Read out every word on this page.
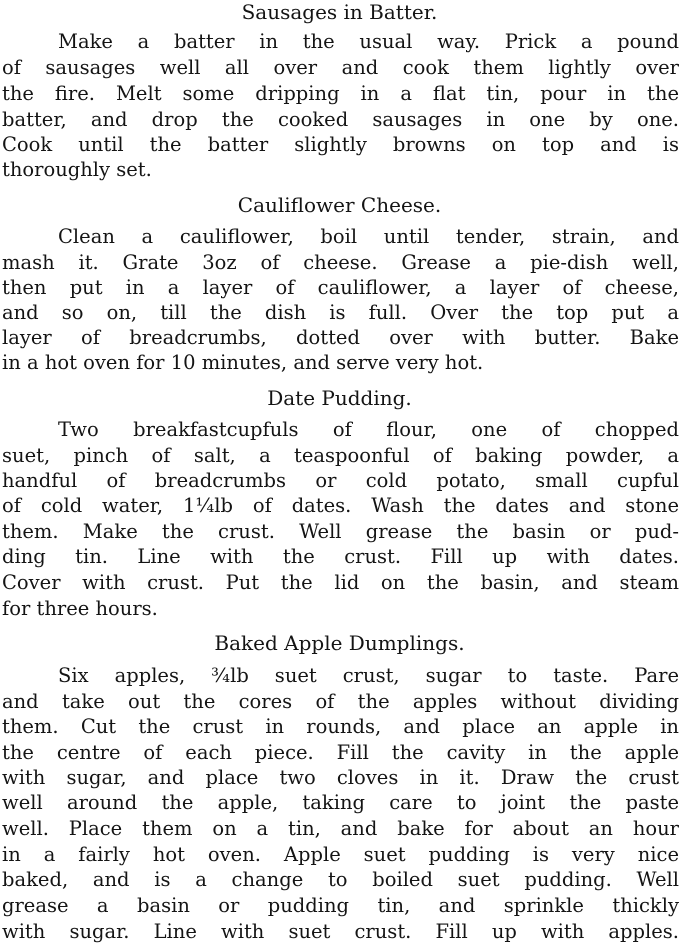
Sausages in Batter.
Make a batter in the usual way. Prick a pound
of sausages well all over and cook them lightly over
the fire. Melt some dripping in a flat tin, pour in the
batter, and drop the cooked sausages in one by one.
Cook until the batter slightly browns on top and is
thoroughly set.
Cauliflower Cheese.
Clean a cauliflower, boil until tender, strain, and
mash it. Grate 3oz of cheese. Grease a pie-dish well,
then put in a layer of cauliflower, a layer of cheese,
and so on, till the dish is full. Over the top put a
layer of breadcrumbs, dotted over with butter. Bake
in a hot oven for 10 minutes, and serve very hot.
Date Pudding.
Two breakfastcupfuls of flour, one of chopped
suet, pinch of salt, a teaspoonful of baking powder, a
handful of breadcrumbs or cold potato, small cupful
of cold water, 1¼lb of dates. Wash the dates and stone
them. Make the crust. Well grease the basin or pud-
ding tin. Line with the crust. Fill up with dates.
Cover with crust. Put the lid on the basin, and steam
for three hours.
Baked Apple Dumplings.
Six apples, ¾lb suet crust, sugar to taste. Pare
and take out the cores of the apples without dividing
them. Cut the crust in rounds, and place an apple in
the centre of each piece. Fill the cavity in the apple
with sugar, and place two cloves in it. Draw the crust
well around the apple, taking care to joint the paste
well. Place them on a tin, and bake for about an hour
in a fairly hot oven. Apple suet pudding is very nice
baked, and is a change to boiled suet pudding. Well
grease a basin or pudding tin, and sprinkle thickly
with sugar. Line with suet crust. Fill up with apples.
